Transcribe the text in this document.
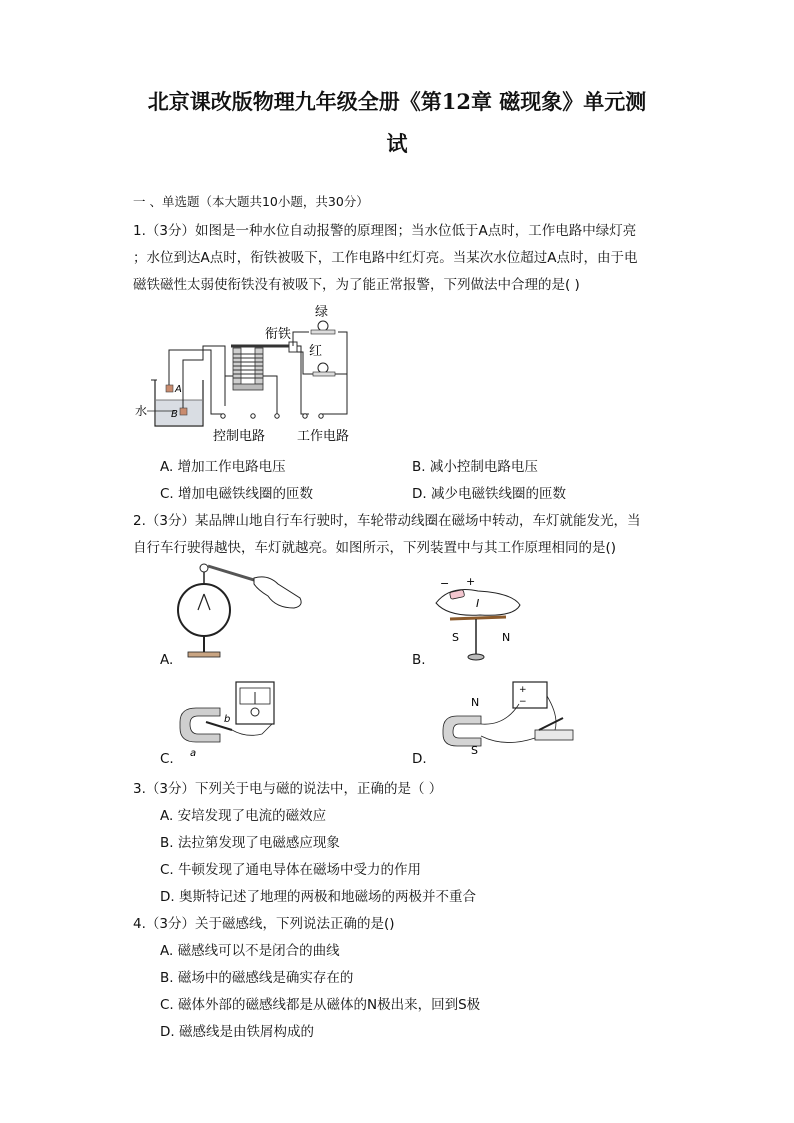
北京课改版物理九年级全册《第12章 磁现象》单元测
试
一 、单选题（本大题共10小题，共30分）
1.（3分）如图是一种水位自动报警的原理图；当水位低于A点时，工作电路中绿灯亮
；水位到达A点时，衔铁被吸下，工作电路中红灯亮。当某次水位超过A点时，由于电
磁铁磁性太弱使衔铁没有被吸下，为了能正常报警，下列做法中合理的是( )
A
B
水
衔铁
绿
红
控制电路 工作电路
A. 增加工作电路电压	B. 减小控制电路电压
C. 增加电磁铁线圈的匝数	D. 减少电磁铁线圈的匝数
2.（3分）某品牌山地自行车行驶时，车轮带动线圈在磁场中转动，车灯就能发光，当
自行车行驶得越快，车灯就越亮。如图所示，下列装置中与其工作原理相同的是()
A.
− +
I
S	N
B.
b
a
C.
N
S
+
−
D.
3.（3分）下列关于电与磁的说法中，正确的是（ ）
A. 安培发现了电流的磁效应
B. 法拉第发现了电磁感应现象
C. 牛顿发现了通电导体在磁场中受力的作用
D. 奥斯特记述了地理的两极和地磁场的两极并不重合
4.（3分）关于磁感线，下列说法正确的是()
A. 磁感线可以不是闭合的曲线
B. 磁场中的磁感线是确实存在的
C. 磁体外部的磁感线都是从磁体的N极出来，回到S极
D. 磁感线是由铁屑构成的
